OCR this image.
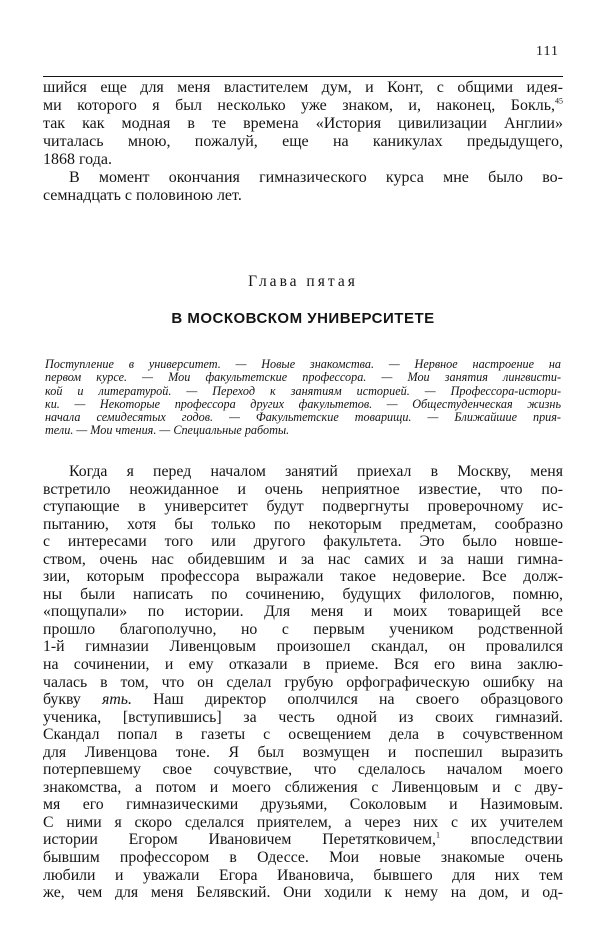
111
шийся еще для меня властителем дум, и Конт, с общими идея-
ми которого я был несколько уже знаком, и, наконец, Бокль,$^{45}$
так как модная в те времена «История цивилизации Англии»
читалась мною, пожалуй, еще на каникулах предыдущего,
1868 года.
В момент окончания гимназического курса мне было во-
семнадцать с половиною лет.
Глава пятая
В МОСКОВСКОМ УНИВЕРСИТЕТЕ
Поступление в университет. — Новые знакомства. — Нервное настроение на
первом курсе. — Мои факультетские профессора. — Мои занятия лингвисти-
кой и литературой. — Переход к занятиям историей. — Профессора-истори-
ки. — Некоторые профессора других факультетов. — Общестуденческая жизнь
начала семидесятых годов. — Факультетские товарищи. — Ближайшие прия-
тели. — Мои чтения. — Специальные работы.
Когда я перед началом занятий приехал в Москву, меня
встретило неожиданное и очень неприятное известие, что по-
ступающие в университет будут подвергнуты проверочному ис-
пытанию, хотя бы только по некоторым предметам, сообразно
с интересами того или другого факультета. Это было новше-
ством, очень нас обидевшим и за нас самих и за наши гимна-
зии, которым профессора выражали такое недоверие. Все долж-
ны были написать по сочинению, будущих филологов, помню,
«пощупали» по истории. Для меня и моих товарищей все
прошло благополучно, но с первым учеником родственной
1-й гимназии Ливенцовым произошел скандал, он провалился
на сочинении, и ему отказали в приеме. Вся его вина заклю-
чалась в том, что он сделал грубую орфографическую ошибку на
букву ять. Наш директор ополчился на своего образцового
ученика, [вступившись] за честь одной из своих гимназий.
Скандал попал в газеты с освещением дела в сочувственном
для Ливенцова тоне. Я был возмущен и поспешил выразить
потерпевшему свое сочувствие, что сделалось началом моего
знакомства, а потом и моего сближения с Ливенцовым и с дву-
мя его гимназическими друзьями, Соколовым и Назимовым.
С ними я скоро сделался приятелем, а через них с их учителем
истории Егором Ивановичем Перетятковичем,$^1$ впоследствии
бывшим профессором в Одессе. Мои новые знакомые очень
любили и уважали Егора Ивановича, бывшего для них тем
же, чем для меня Белявский. Они ходили к нему на дом, и од-
